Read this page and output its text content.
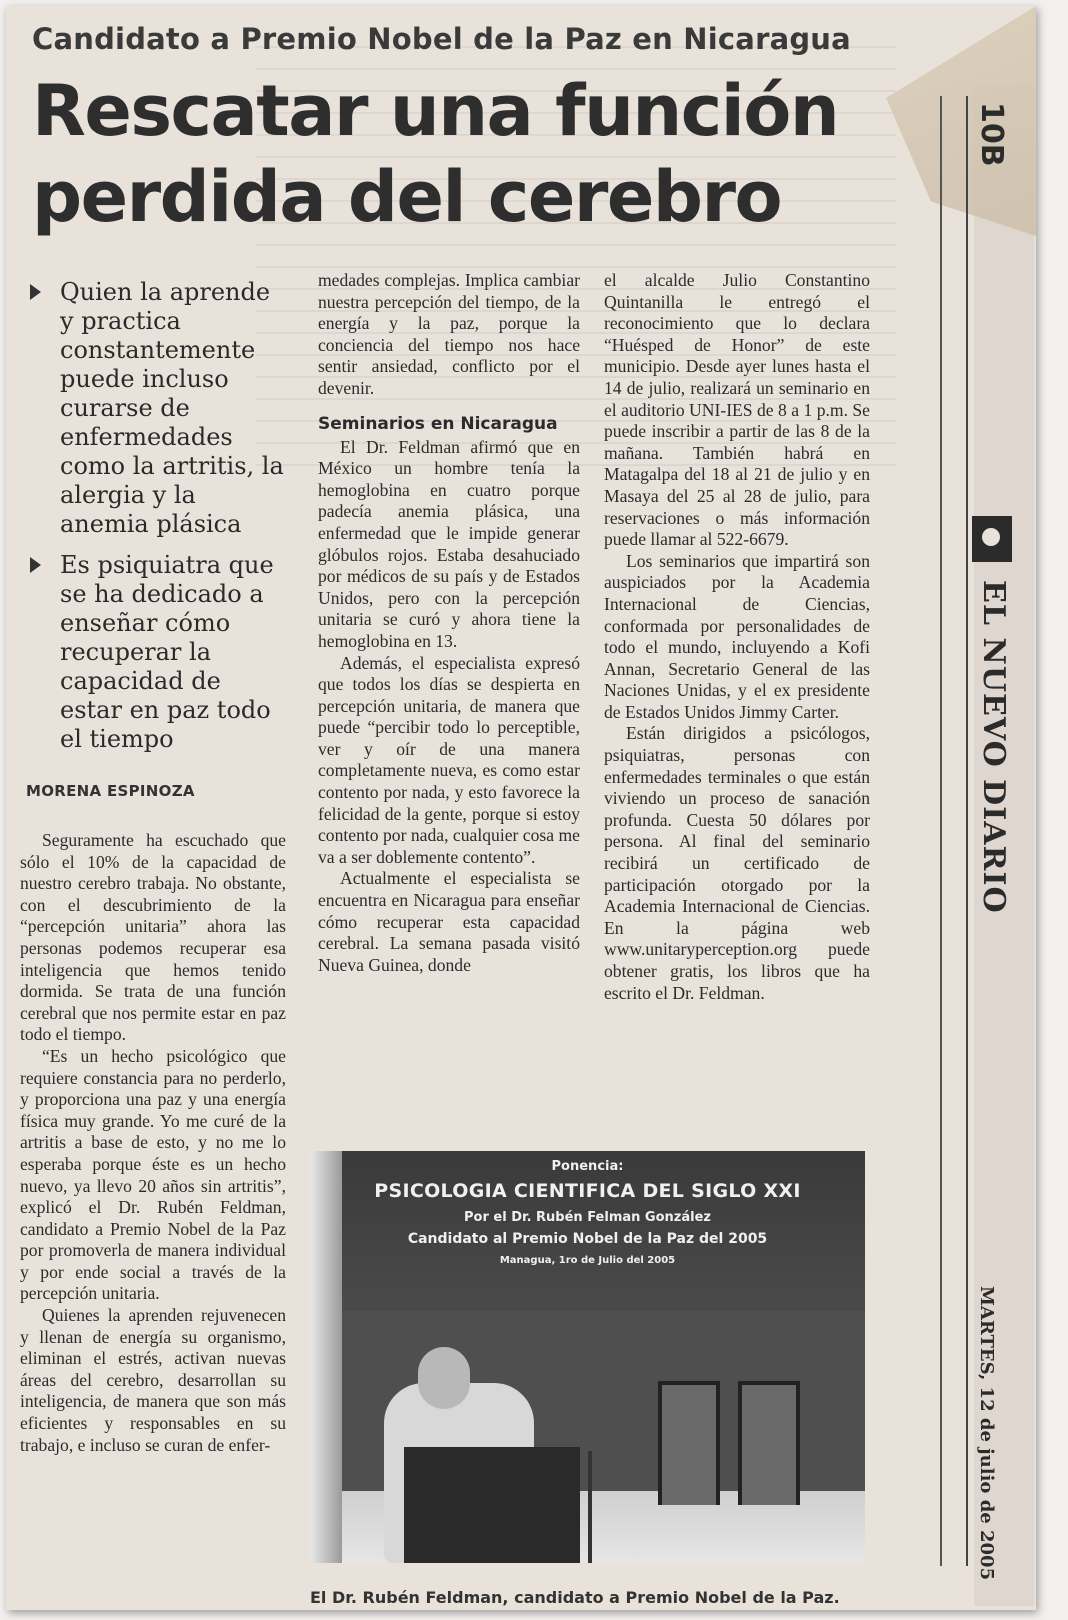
Candidato a Premio Nobel de la Paz en Nicaragua
Rescatar una función
perdida del cerebro
Quien la aprende y practica constantemente puede incluso curarse de enfermedades como la artritis, la alergia y la anemia plásica
Es psiquiatra que se ha dedicado a enseñar cómo recuperar la capacidad de estar en paz todo el tiempo
MORENA ESPINOZA

Seguramente ha escuchado que sólo el 10% de la capacidad de nuestro cerebro trabaja. No obstante, con el descubrimiento de la “percepción unitaria” ahora las personas podemos recuperar esa inteligencia que hemos tenido dormida. Se trata de una función cerebral que nos permite estar en paz todo el tiempo.

“Es un hecho psicológico que requiere constancia para no perderlo, y proporciona una paz y una energía física muy grande. Yo me curé de la artritis a base de esto, y no me lo esperaba porque éste es un hecho nuevo, ya llevo 20 años sin artritis”, explicó el Dr. Rubén Feldman, candidato a Premio Nobel de la Paz por promoverla de manera individual y por ende social a través de la percepción unitaria.

Quienes la aprenden rejuvenecen y llenan de energía su organismo, eliminan el estrés, activan nuevas áreas del cerebro, desarrollan su inteligencia, de manera que son más eficientes y responsables en su trabajo, e incluso se curan de enfer-

medades complejas. Implica cambiar nuestra percepción del tiempo, de la energía y la paz, porque la conciencia del tiempo nos hace sentir ansiedad, conflicto por el devenir.

Seminarios en Nicaragua

El Dr. Feldman afirmó que en México un hombre tenía la hemoglobina en cuatro porque padecía anemia plásica, una enfermedad que le impide generar glóbulos rojos. Estaba desahuciado por médicos de su país y de Estados Unidos, pero con la percepción unitaria se curó y ahora tiene la hemoglobina en 13.

Además, el especialista expresó que todos los días se despierta en percepción unitaria, de manera que puede “percibir todo lo perceptible, ver y oír de una manera completamente nueva, es como estar contento por nada, y esto favorece la felicidad de la gente, porque si estoy contento por nada, cualquier cosa me va a ser doblemente contento”.

Actualmente el especialista se encuentra en Nicaragua para enseñar cómo recuperar esta capacidad cerebral. La semana pasada visitó Nueva Guinea, donde

el alcalde Julio Constantino Quintanilla le entregó el reconocimiento que lo declara “Huésped de Honor” de este municipio. Desde ayer lunes hasta el 14 de julio, realizará un seminario en el auditorio UNI-IES de 8 a 1 p.m. Se puede inscribir a partir de las 8 de la mañana. También habrá en Matagalpa del 18 al 21 de julio y en Masaya del 25 al 28 de julio, para reservaciones o más información puede llamar al 522-6679.

Los seminarios que impartirá son auspiciados por la Academia Internacional de Ciencias, conformada por personalidades de todo el mundo, incluyendo a Kofi Annan, Secretario General de las Naciones Unidas, y el ex presidente de Estados Unidos Jimmy Carter.

Están dirigidos a psicólogos, psiquiatras, personas con enfermedades terminales o que están viviendo un proceso de sanación profunda. Cuesta 50 dólares por persona. Al final del seminario recibirá un certificado de participación otorgado por la Academia Internacional de Ciencias. En la página web www.unitaryperception.org puede obtener gratis, los libros que ha escrito el Dr. Feldman.

Ponencia:
PSICOLOGIA CIENTIFICA DEL SIGLO XXI
Por el Dr. Rubén Felman González
Candidato al Premio Nobel de la Paz del 2005
Managua, 1ro de Julio del 2005
El Dr. Rubén Feldman, candidato a Premio Nobel de la Paz.
10B
EL NUEVO DIARIO
MARTES, 12 de julio de 2005
